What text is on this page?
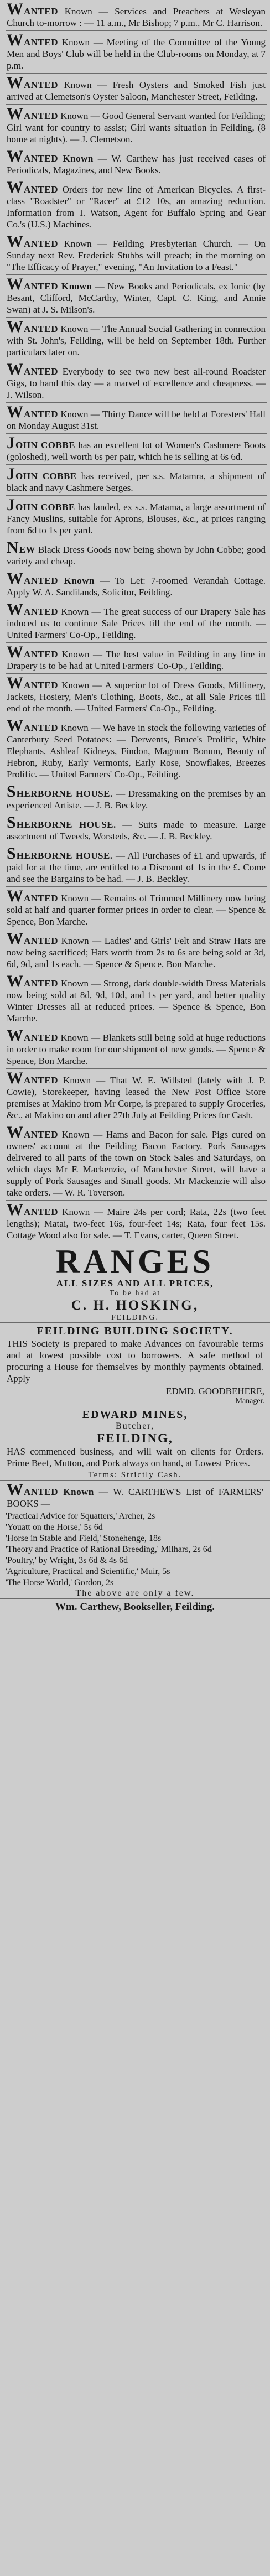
WANTED Known — Services and Preachers at Wesleyan Church to-morrow : — 11 a.m., Mr Bishop; 7 p.m., Mr C. Harrison.
WANTED Known — Meeting of the Committee of the Young Men and Boys' Club will be held in the Club-rooms on Monday, at 7 p.m.
WANTED Known — Fresh Oysters and Smoked Fish just arrived at Clemetson's Oyster Saloon, Manchester Street, Feilding.
WANTED Known — Good General Servant wanted for Feilding; Girl want for country to assist; Girl wants situation in Feilding, (8 home at nights). — J. Clemetson.
WANTED Known — W. Carthew has just received cases of Periodicals, Magazines, and New Books.
WANTED Orders for new line of American Bicycles. A first-class "Roadster" or "Racer" at £12 10s, an amazing reduction. Information from T. Watson, Agent for Buffalo Spring and Gear Co.'s (U.S.) Machines.
WANTED Known — Feilding Presbyterian Church. — On Sunday next Rev. Frederick Stubbs will preach; in the morning on "The Efficacy of Prayer," evening, "An Invitation to a Feast."
WANTED Known — New Books and Periodicals, ex Ionic (by Besant, Clifford, McCarthy, Winter, Capt. C. King, and Annie Swan) at J. S. Milson's.
WANTED Known — The Annual Social Gathering in connection with St. John's, Feilding, will be held on September 18th. Further particulars later on.
WANTED Everybody to see two new best all-round Roadster Gigs, to hand this day — a marvel of excellence and cheapness. — J. Wilson.
WANTED Known — Thirty Dance will be held at Foresters' Hall on Monday August 31st.
JOHN COBBE has an excellent lot of Women's Cashmere Boots (goloshed), well worth 6s per pair, which he is selling at 6s 6d.
JOHN COBBE has received, per s.s. Matamra, a shipment of black and navy Cashmere Serges.
JOHN COBBE has landed, ex s.s. Matama, a large assortment of Fancy Muslins, suitable for Aprons, Blouses, &c., at prices ranging from 6d to 1s per yard.
NEW Black Dress Goods now being shown by John Cobbe; good variety and cheap.
WANTED Known — To Let: 7-roomed Verandah Cottage. Apply W. A. Sandilands, Solicitor, Feilding.
WANTED Known — The great success of our Drapery Sale has induced us to continue Sale Prices till the end of the month. — United Farmers' Co-Op., Feilding.
WANTED Known — The best value in Feilding in any line in Drapery is to be had at United Farmers' Co-Op., Feilding.
WANTED Known — A superior lot of Dress Goods, Millinery, Jackets, Hosiery, Men's Clothing, Boots, &c., at all Sale Prices till end of the month. — United Farmers' Co-Op., Feilding.
WANTED Known — We have in stock the following varieties of Canterbury Seed Potatoes: — Derwents, Bruce's Prolific, White Elephants, Ashleaf Kidneys, Findon, Magnum Bonum, Beauty of Hebron, Ruby, Early Vermonts, Early Rose, Snowflakes, Breezes Prolific. — United Farmers' Co-Op., Feilding.
SHERBORNE HOUSE. — Dressmaking on the premises by an experienced Artiste. — J. B. Beckley.
SHERBORNE HOUSE. — Suits made to measure. Large assortment of Tweeds, Worsteds, &c. — J. B. Beckley.
SHERBORNE HOUSE. — All Purchases of £1 and upwards, if paid for at the time, are entitled to a Discount of 1s in the £. Come and see the Bargains to be had. — J. B. Beckley.
WANTED Known — Remains of Trimmed Millinery now being sold at half and quarter former prices in order to clear. — Spence & Spence, Bon Marche.
WANTED Known — Ladies' and Girls' Felt and Straw Hats are now being sacrificed; Hats worth from 2s to 6s are being sold at 3d, 6d, 9d, and 1s each. — Spence & Spence, Bon Marche.
WANTED Known — Strong, dark double-width Dress Materials now being sold at 8d, 9d, 10d, and 1s per yard, and better quality Winter Dresses all at reduced prices. — Spence & Spence, Bon Marche.
WANTED Known — Blankets still being sold at huge reductions in order to make room for our shipment of new goods. — Spence & Spence, Bon Marche.
WANTED Known — That W. E. Willsted (lately with J. P. Cowie), Storekeeper, having leased the New Post Office Store premises at Makino from Mr Corpe, is prepared to supply Groceries, &c., at Makino on and after 27th July at Feilding Prices for Cash.
WANTED Known — Hams and Bacon for sale. Pigs cured on owners' account at the Feilding Bacon Factory. Pork Sausages delivered to all parts of the town on Stock Sales and Saturdays, on which days Mr F. Mackenzie, of Manchester Street, will have a supply of Pork Sausages and Small goods. Mr Mackenzie will also take orders. — W. R. Toverson.
WANTED Known — Maire 24s per cord; Rata, 22s (two feet lengths); Matai, two-feet 16s, four-feet 14s; Rata, four feet 15s. Cottage Wood also for sale. — T. Evans, carter, Queen Street.
RANGES
ALL SIZES AND ALL PRICES,
To be had at
C. H. HOSKING,
FEILDING.
FEILDING BUILDING SOCIETY.
THIS Society is prepared to make Advances on favourable terms and at lowest possible cost to borrowers. A safe method of procuring a House for themselves by monthly payments obtained. Apply
EDMD. GOODBEHERE,
Manager.
EDWARD MINES,
Butcher,
FEILDING,
HAS commenced business, and will wait on clients for Orders. Prime Beef, Mutton, and Pork always on hand, at Lowest Prices.
Terms: Strictly Cash.
WANTED Known — W. CARTHEW'S List of FARMERS' BOOKS —
'Practical Advice for Squatters,' Archer, 2s
'Youatt on the Horse,' 5s 6d
'Horse in Stable and Field,' Stonehenge, 18s
'Theory and Practice of Rational Breeding,' Milhars, 2s 6d
'Poultry,' by Wright, 3s 6d & 4s 6d
'Agriculture, Practical and Scientific,' Muir, 5s
'The Horse World,' Gordon, 2s
The above are only a few.
Wm. Carthew, Bookseller, Feilding.
